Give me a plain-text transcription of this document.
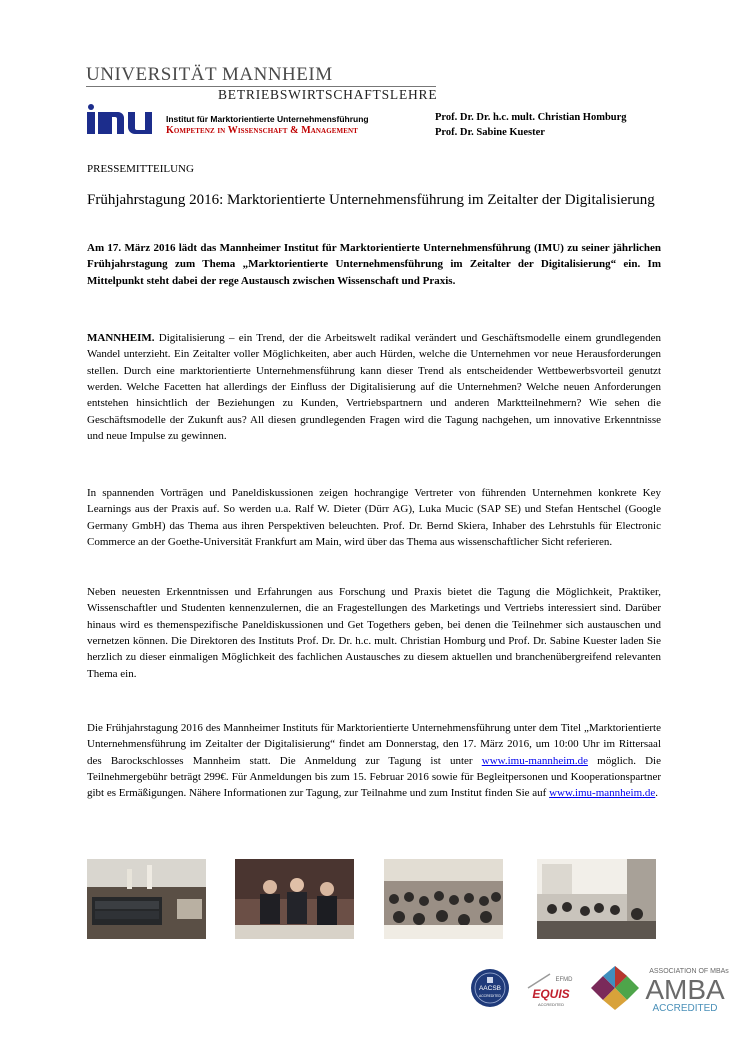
UNIVERSITÄT MANNHEIM
BETRIEBSWIRTSCHAFTSLEHRE
Institut für Marktorientierte Unternehmensführung
Kompetenz in Wissenschaft & Management
Prof. Dr. Dr. h.c. mult. Christian Homburg
Prof. Dr. Sabine Kuester
PRESSEMITTEILUNG
Frühjahrstagung 2016: Marktorientierte Unternehmensführung im Zeitalter der Digitalisierung
Am 17. März 2016 lädt das Mannheimer Institut für Marktorientierte Unternehmensführung (IMU) zu seiner jährlichen Frühjahrstagung zum Thema „Marktorientierte Unternehmensführung im Zeitalter der Digitalisierung“ ein. Im Mittelpunkt steht dabei der rege Austausch zwischen Wissenschaft und Praxis.
MANNHEIM. Digitalisierung – ein Trend, der die Arbeitswelt radikal verändert und Geschäftsmodelle einem grundlegenden Wandel unterzieht. Ein Zeitalter voller Möglichkeiten, aber auch Hürden, welche die Unternehmen vor neue Herausforderungen stellen. Durch eine marktorientierte Unternehmensführung kann dieser Trend als entscheidender Wettbewerbsvorteil genutzt werden. Welche Facetten hat allerdings der Einfluss der Digitalisierung auf die Unternehmen? Welche neuen Anforderungen entstehen hinsichtlich der Beziehungen zu Kunden, Vertriebspartnern und anderen Marktteilnehmern? Wie sehen die Geschäftsmodelle der Zukunft aus? All diesen grundlegenden Fragen wird die Tagung nachgehen, um innovative Erkenntnisse und neue Impulse zu gewinnen.
In spannenden Vorträgen und Paneldiskussionen zeigen hochrangige Vertreter von führenden Unternehmen konkrete Key Learnings aus der Praxis auf. So werden u.a. Ralf W. Dieter (Dürr AG), Luka Mucic (SAP SE) und Stefan Hentschel (Google Germany GmbH) das Thema aus ihren Perspektiven beleuchten. Prof. Dr. Bernd Skiera, Inhaber des Lehrstuhls für Electronic Commerce an der Goethe-Universität Frankfurt am Main, wird über das Thema aus wissenschaftlicher Sicht referieren.
Neben neuesten Erkenntnissen und Erfahrungen aus Forschung und Praxis bietet die Tagung die Möglichkeit, Praktiker, Wissenschaftler und Studenten kennenzulernen, die an Fragestellungen des Marketings und Vertriebs interessiert sind. Darüber hinaus wird es themenspezifische Paneldiskussionen und Get Togethers geben, bei denen die Teilnehmer sich austauschen und vernetzen können. Die Direktoren des Instituts Prof. Dr. Dr. h.c. mult. Christian Homburg und Prof. Dr. Sabine Kuester laden Sie herzlich zu dieser einmaligen Möglichkeit des fachlichen Austausches zu diesem aktuellen und branchenübergreifend relevanten Thema ein.
Die Frühjahrstagung 2016 des Mannheimer Instituts für Marktorientierte Unternehmensführung unter dem Titel „Marktorientierte Unternehmensführung im Zeitalter der Digitalisierung“ findet am Donnerstag, den 17. März 2016, um 10:00 Uhr im Rittersaal des Barockschlosses Mannheim statt. Die Anmeldung zur Tagung ist unter www.imu-mannheim.de möglich. Die Teilnehmergebühr beträgt 299€. Für Anmeldungen bis zum 15. Februar 2016 sowie für Begleitpersonen und Kooperationspartner gibt es Ermäßigungen. Nähere Informationen zur Tagung, zur Teilnahme und zum Institut finden Sie auf www.imu-mannheim.de.
AACSB
ACCREDITED
EFMD
EQUIS
ACCREDITED
ASSOCIATION OF MBAs
AMBA
ACCREDITED
